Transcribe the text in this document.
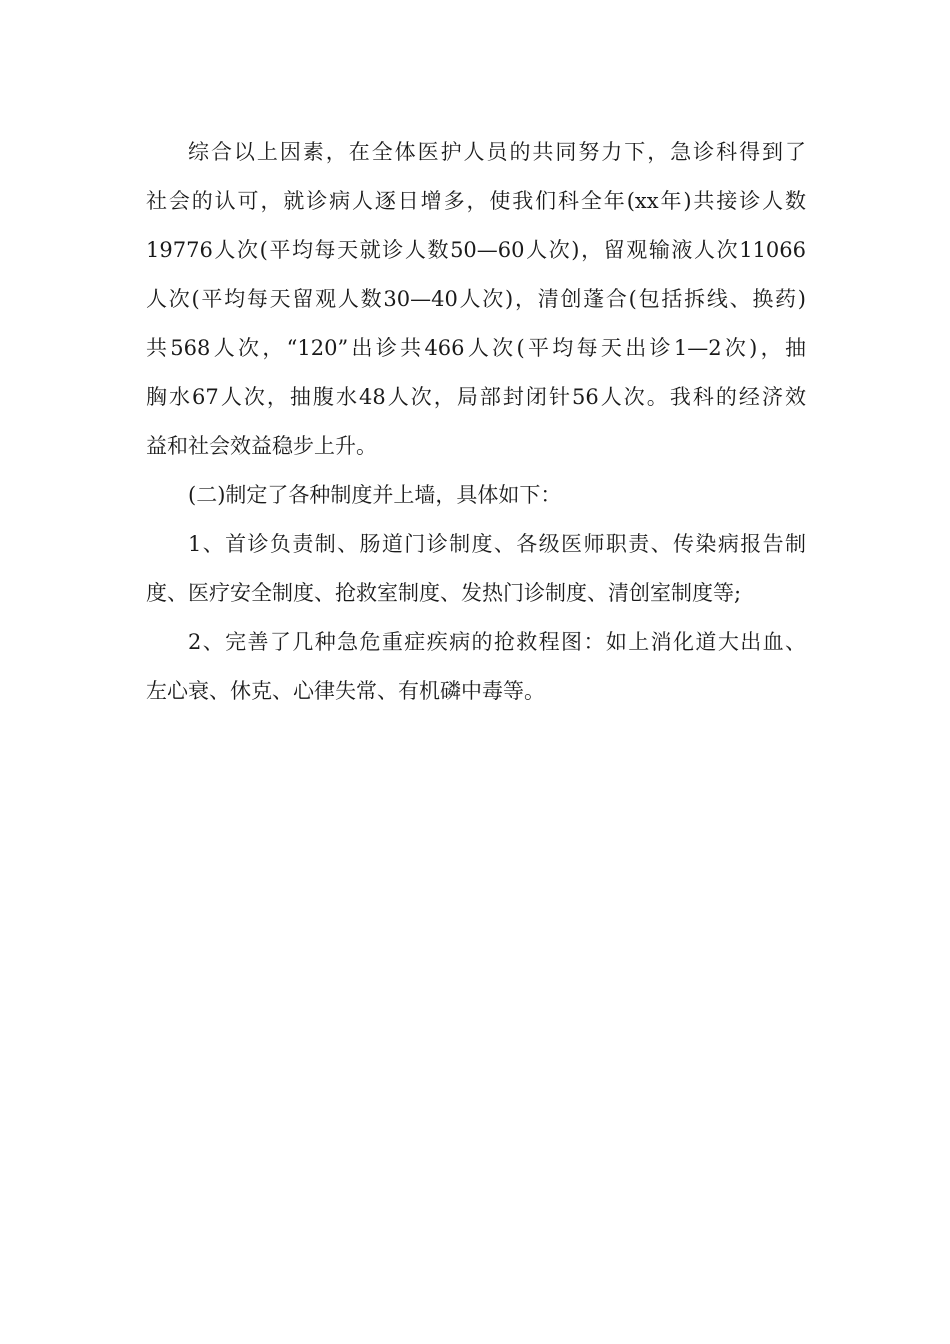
综合以上因素，在全体医护人员的共同努力下，急诊科得到了
社会的认可，就诊病人逐日增多，使我们科全年(xx年)共接诊人数
19776人次(平均每天就诊人数50—60人次)，留观输液人次11066
人次(平均每天留观人数30—40人次)，清创蓬合(包括拆线、换药)
共568人次，“120”出诊共466人次(平均每天出诊1—2次)，抽
胸水67人次，抽腹水48人次，局部封闭针56人次。我科的经济效
益和社会效益稳步上升。

(二)制定了各种制度并上墙，具体如下：

1、首诊负责制、肠道门诊制度、各级医师职责、传染病报告制
度、医疗安全制度、抢救室制度、发热门诊制度、清创室制度等;

2、完善了几种急危重症疾病的抢救程图：如上消化道大出血、
左心衰、休克、心律失常、有机磷中毒等。
